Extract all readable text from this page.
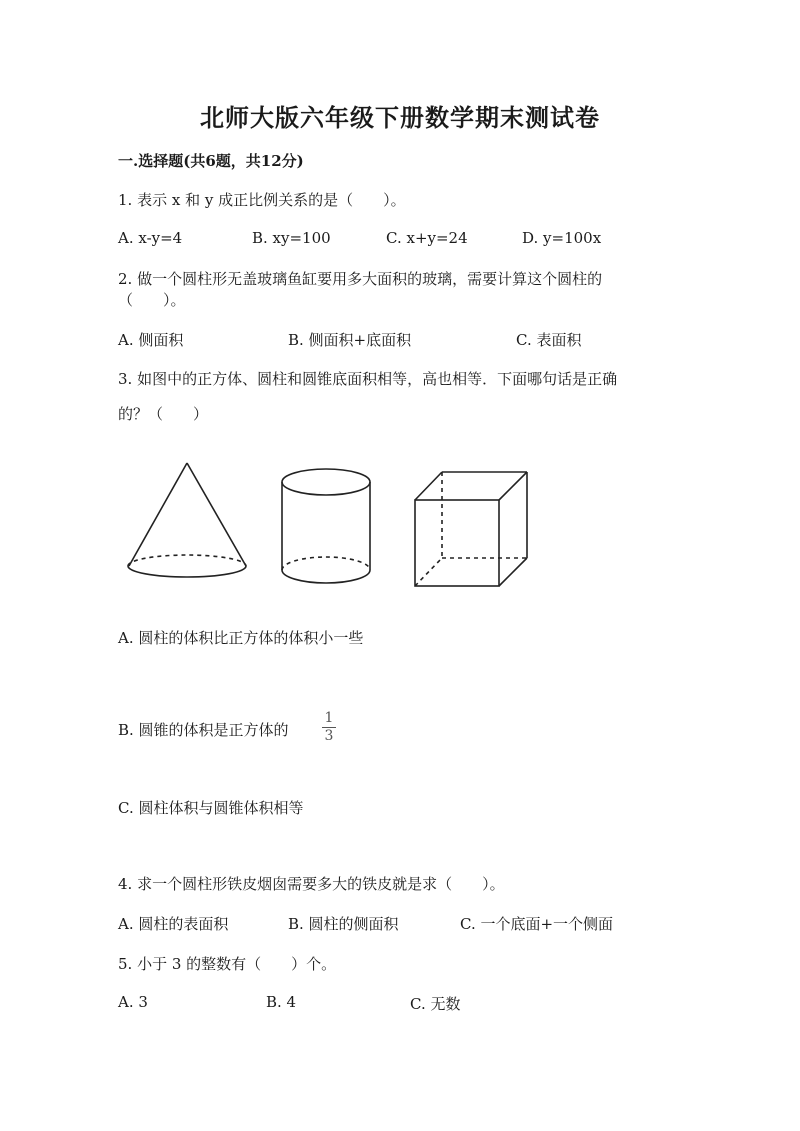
北师大版六年级下册数学期末测试卷
一.选择题(共6题，共12分)
1. 表示 x 和 y 成正比例关系的是（　　）。
A. x-y=4	B. xy=100	C. x+y=24	D. y=100x
2. 做一个圆柱形无盖玻璃鱼缸要用多大面积的玻璃，需要计算这个圆柱的
（　　）。
A. 侧面积	B. 侧面积+底面积	C. 表面积
3. 如图中的正方体、圆柱和圆锥底面积相等，高也相等．下面哪句话是正确
的？（　　）
A. 圆柱的体积比正方体的体积小一些
B. 圆锥的体积是正方体的
1
3
C. 圆柱体积与圆锥体积相等
4. 求一个圆柱形铁皮烟囱需要多大的铁皮就是求（　　）。
A. 圆柱的表面积	B. 圆柱的侧面积	C. 一个底面+一个侧面
5. 小于 3 的整数有（　　）个。
A. 3	B. 4	C. 无数
